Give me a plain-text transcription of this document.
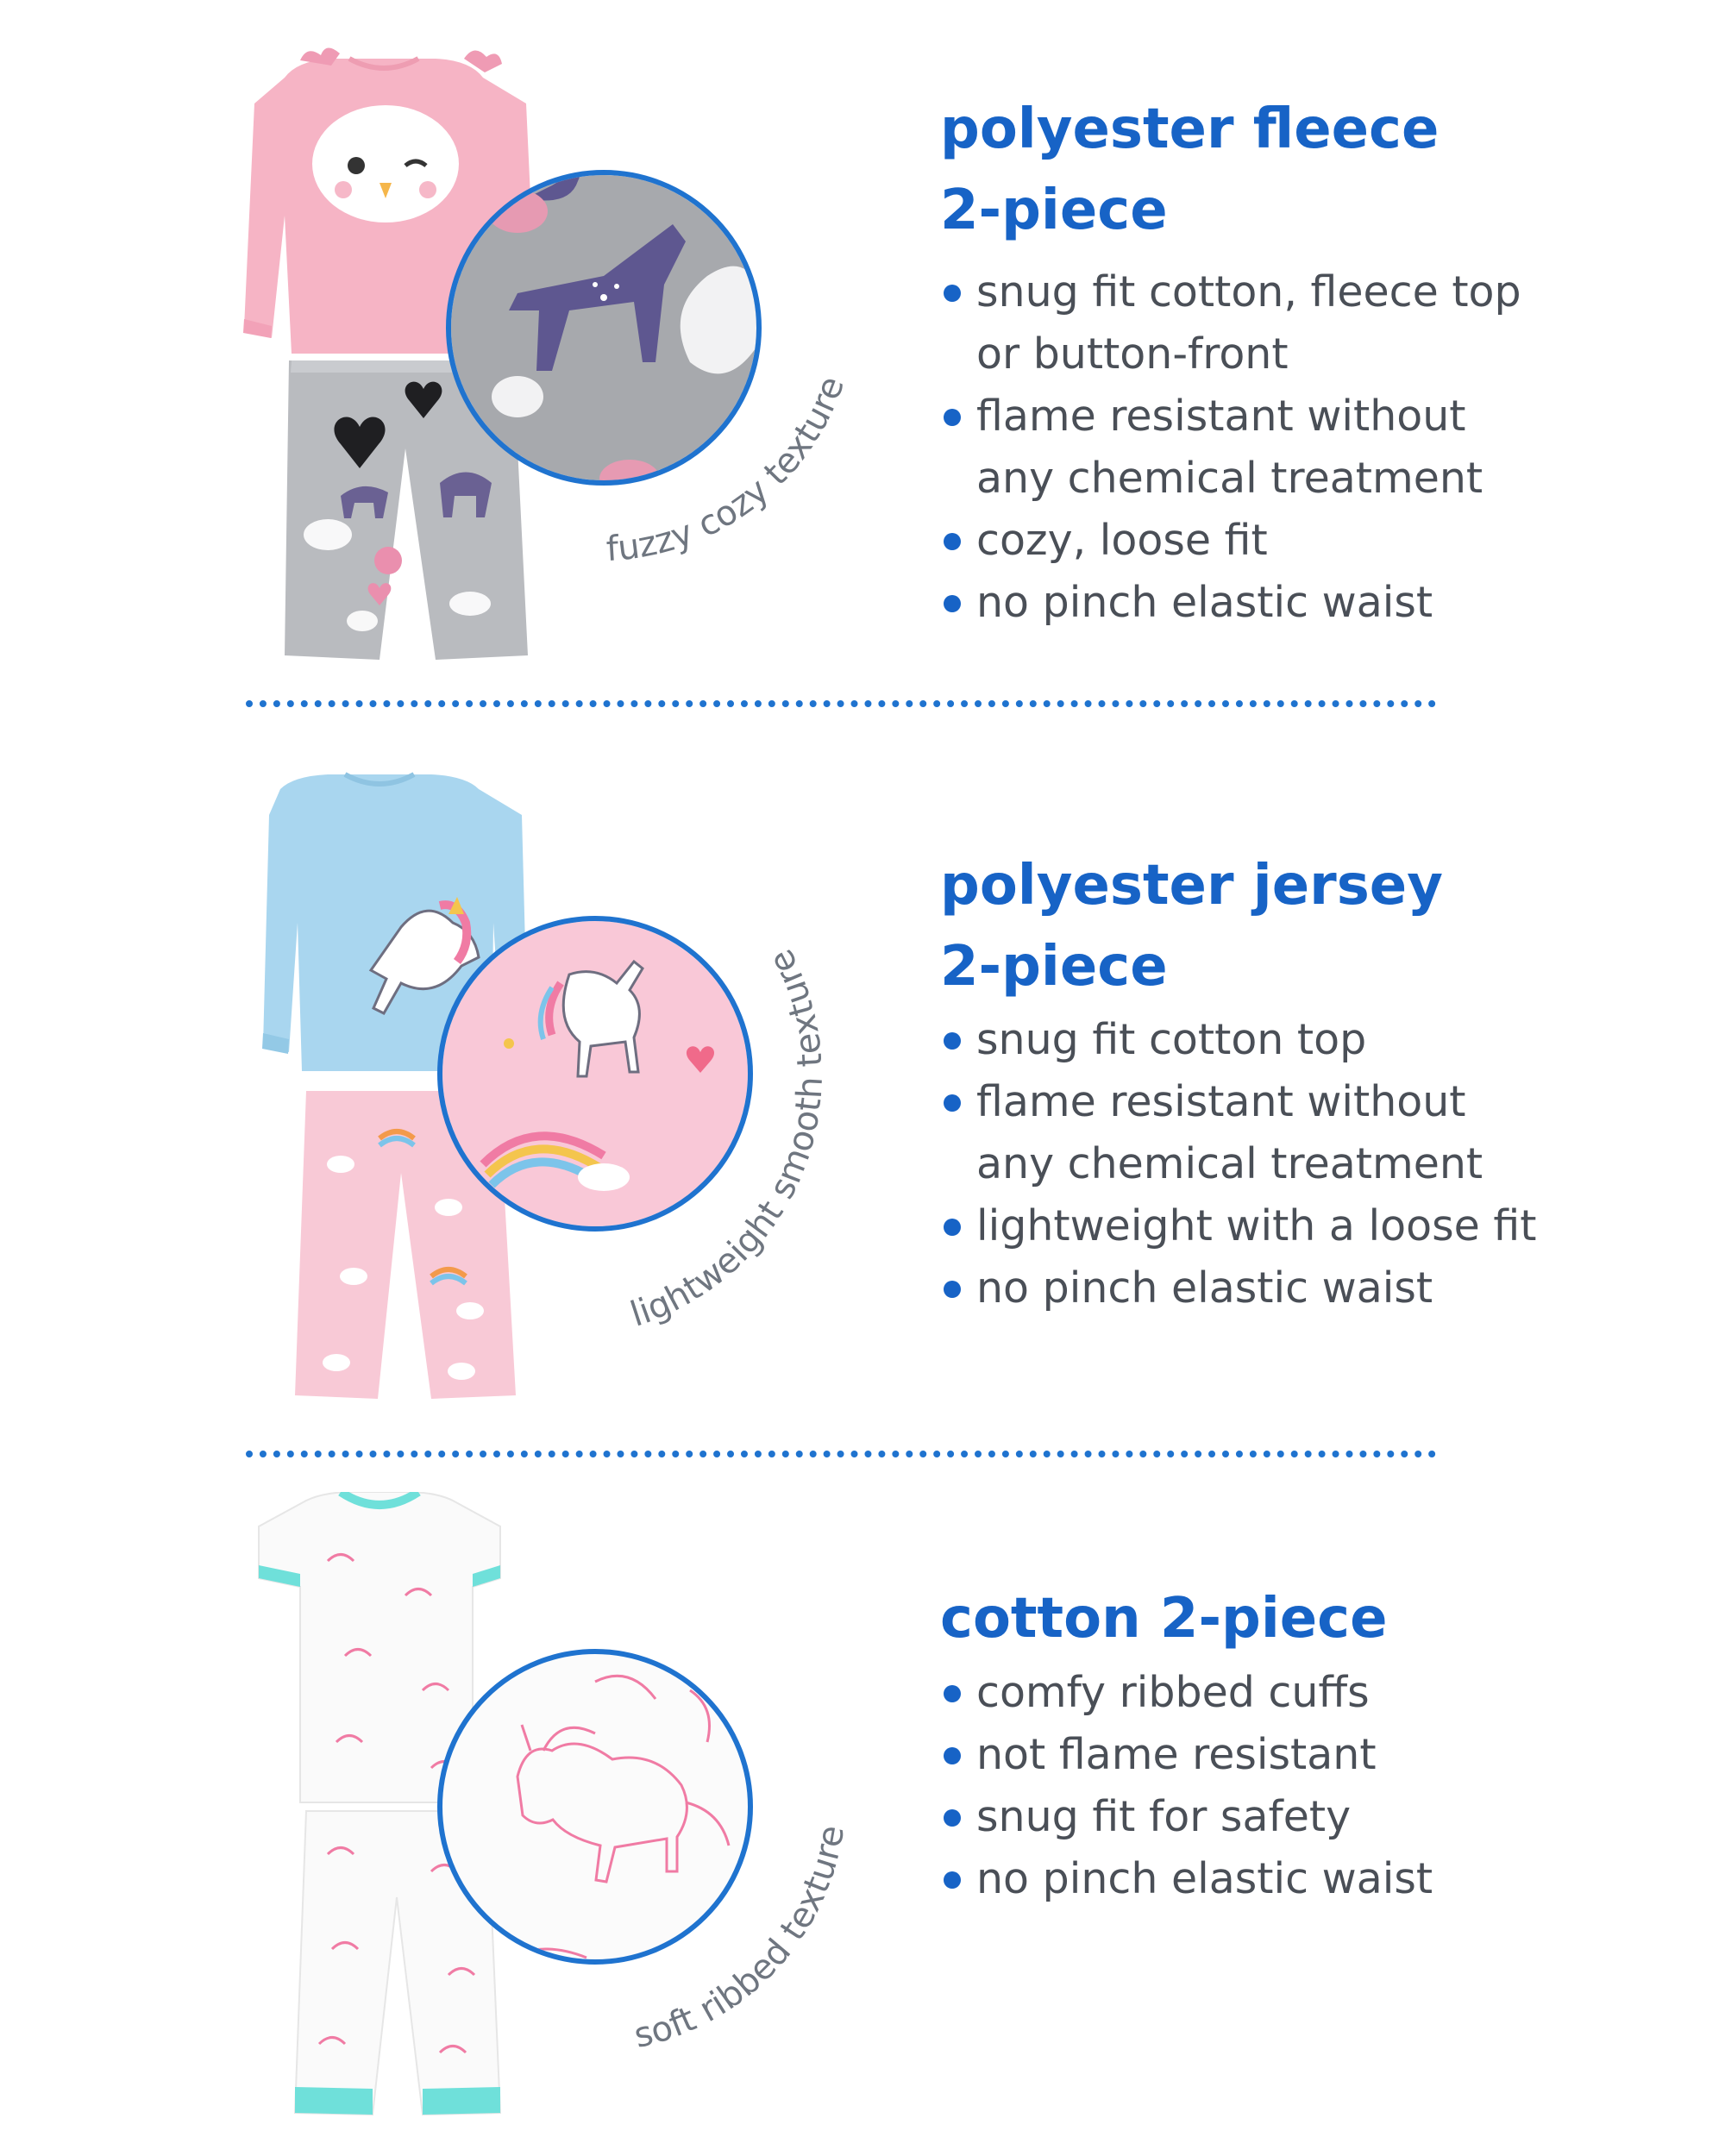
fuzzy cozy texture
polyester fleece
2-piece
snug fit cotton, fleece top
or button-front
flame resistant without
any chemical treatment
cozy, loose fit
no pinch elastic waist
lightweight smooth texture
polyester jersey
2-piece
snug fit cotton top
flame resistant without
any chemical treatment
lightweight with a loose fit
no pinch elastic waist
soft ribbed texture
cotton 2-piece
comfy ribbed cuffs
not flame resistant
snug fit for safety
no pinch elastic waist
